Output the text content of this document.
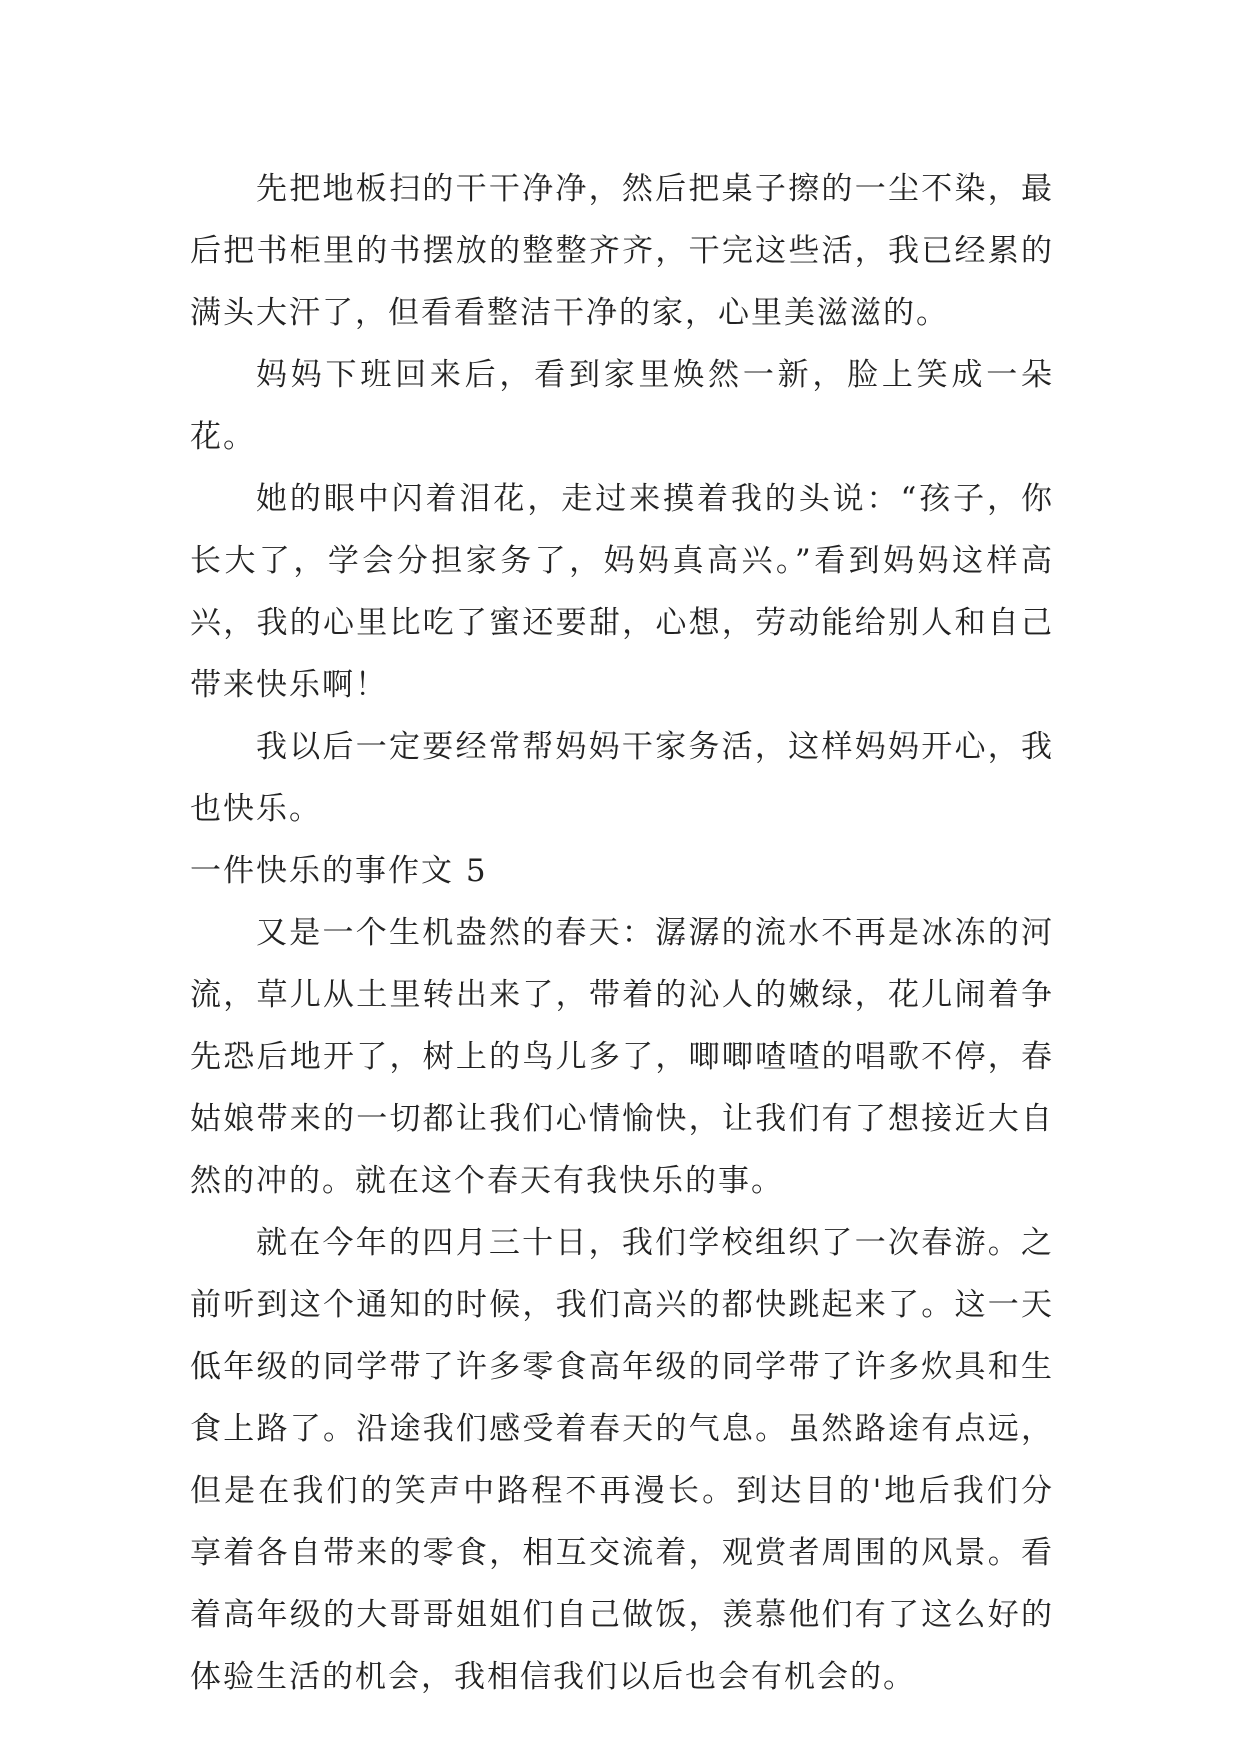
先把地板扫的干干净净，然后把桌子擦的一尘不染，最后把书柜里的书摆放的整整齐齐，干完这些活，我已经累的满头大汗了，但看看整洁干净的家，心里美滋滋的。

妈妈下班回来后，看到家里焕然一新，脸上笑成一朵花。

她的眼中闪着泪花，走过来摸着我的头说：“孩子，你长大了，学会分担家务了，妈妈真高兴。”看到妈妈这样高兴，我的心里比吃了蜜还要甜，心想，劳动能给别人和自己带来快乐啊！

我以后一定要经常帮妈妈干家务活，这样妈妈开心，我也快乐。

一件快乐的事作文 5

又是一个生机盎然的春天：潺潺的流水不再是冰冻的河流，草儿从土里转出来了，带着的沁人的嫩绿，花儿闹着争先恐后地开了，树上的鸟儿多了，唧唧喳喳的唱歌不停，春姑娘带来的一切都让我们心情愉快，让我们有了想接近大自然的冲的。就在这个春天有我快乐的事。

就在今年的四月三十日，我们学校组织了一次春游。之前听到这个通知的时候，我们高兴的都快跳起来了。这一天低年级的同学带了许多零食高年级的同学带了许多炊具和生食上路了。沿途我们感受着春天的气息。虽然路途有点远，但是在我们的笑声中路程不再漫长。到达目的'地后我们分享着各自带来的零食，相互交流着，观赏者周围的风景。看着高年级的大哥哥姐姐们自己做饭，羡慕他们有了这么好的体验生活的机会，我相信我们以后也会有机会的。
